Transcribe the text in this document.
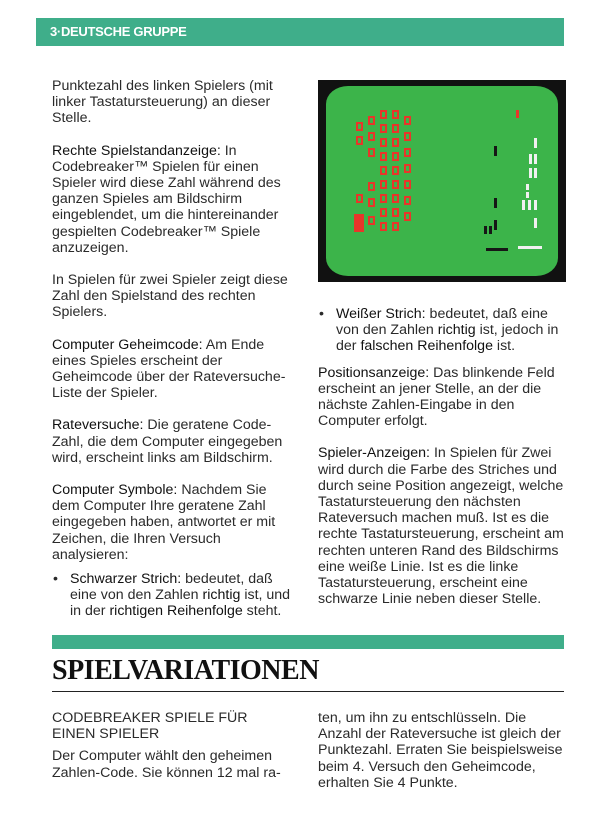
3·DEUTSCHE GRUPPE

Punktezahl des linken Spielers (mit linker Tastatursteuerung) an dieser Stelle.

Rechte Spielstandanzeige: In Codebreaker™ Spielen für einen Spieler wird diese Zahl während des ganzen Spieles am Bildschirm eingeblendet, um die hintereinander gespielten Codebreaker™ Spiele anzuzeigen.

In Spielen für zwei Spieler zeigt diese Zahl den Spielstand des rechten Spielers.

Computer Geheimcode: Am Ende eines Spieles erscheint der Geheimcode über der Rateversuche-Liste der Spieler.

Rateversuche: Die geratene Code-Zahl, die dem Computer eingegeben wird, erscheint links am Bildschirm.

Computer Symbole: Nachdem Sie dem Computer Ihre geratene Zahl eingegeben haben, antwortet er mit Zeichen, die Ihren Versuch analysieren:

• Schwarzer Strich: bedeutet, daß eine von den Zahlen richtig ist, und in der richtigen Reihenfolge steht.
• Weißer Strich: bedeutet, daß eine von den Zahlen richtig ist, jedoch in der falschen Reihenfolge ist.

Positionsanzeige: Das blinkende Feld erscheint an jener Stelle, an der die nächste Zahlen-Eingabe in den Computer erfolgt.

Spieler-Anzeigen: In Spielen für Zwei wird durch die Farbe des Striches und durch seine Position angezeigt, welche Tastatursteuerung den nächsten Rateversuch machen muß. Ist es die rechte Tastatursteuerung, erscheint am rechten unteren Rand des Bildschirms eine weiße Linie. Ist es die linke Tastatursteuerung, erscheint eine schwarze Linie neben dieser Stelle.

SPIELVARIATIONEN

CODEBREAKER SPIELE FÜR EINEN SPIELER

Der Computer wählt den geheimen Zahlen-Code. Sie können 12 mal ra-

ten, um ihn zu entschlüsseln. Die Anzahl der Rateversuche ist gleich der Punktezahl. Erraten Sie beispielsweise beim 4. Versuch den Geheimcode, erhalten Sie 4 Punkte.
